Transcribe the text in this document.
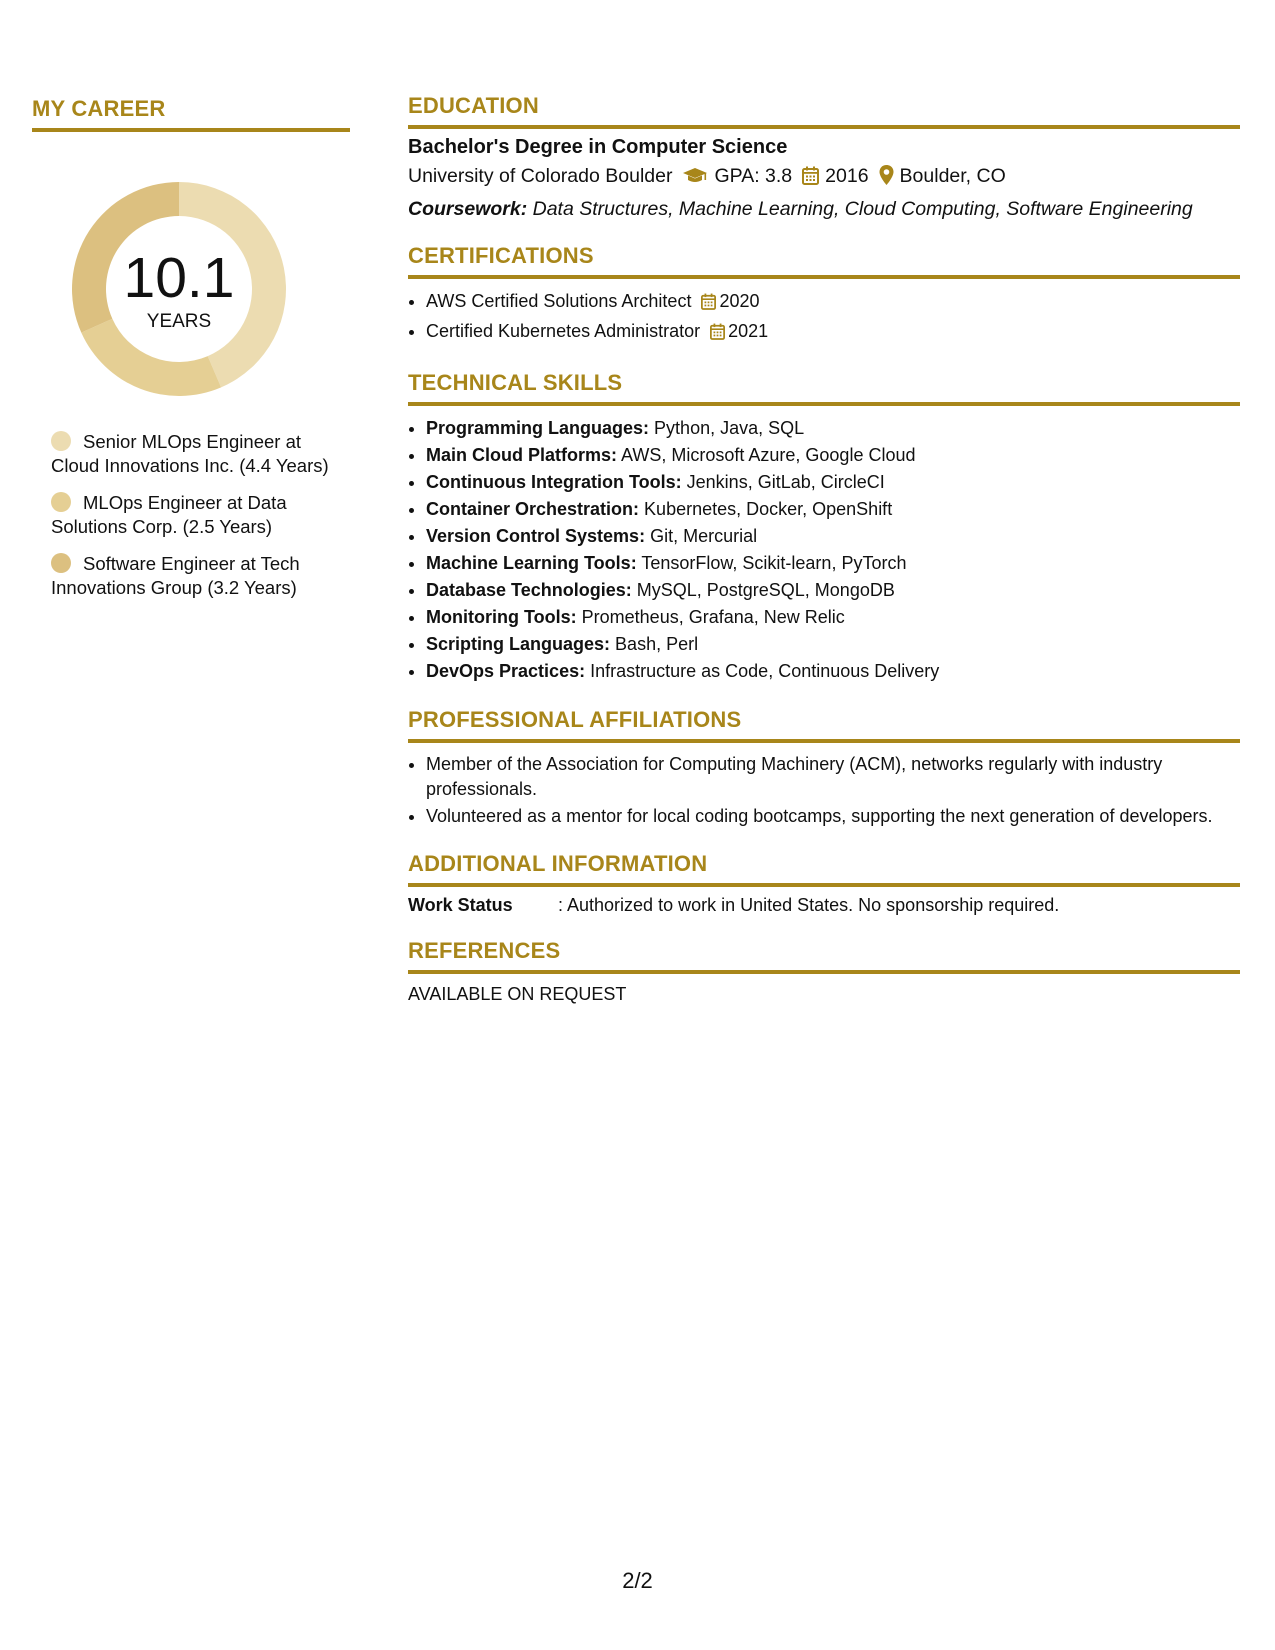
MY CAREER
10.1
YEARS
Senior MLOps Engineer at Cloud Innovations Inc. (4.4 Years)
MLOps Engineer at Data Solutions Corp. (2.5 Years)
Software Engineer at Tech Innovations Group (3.2 Years)
EDUCATION
Bachelor's Degree in Computer Science
University of Colorado Boulder GPA: 3.8 2016 Boulder, CO
Coursework: Data Structures, Machine Learning, Cloud Computing, Software Engineering
CERTIFICATIONS
• AWS Certified Solutions Architect 2020
• Certified Kubernetes Administrator 2021
TECHNICAL SKILLS
• Programming Languages: Python, Java, SQL
• Main Cloud Platforms: AWS, Microsoft Azure, Google Cloud
• Continuous Integration Tools: Jenkins, GitLab, CircleCI
• Container Orchestration: Kubernetes, Docker, OpenShift
• Version Control Systems: Git, Mercurial
• Machine Learning Tools: TensorFlow, Scikit-learn, PyTorch
• Database Technologies: MySQL, PostgreSQL, MongoDB
• Monitoring Tools: Prometheus, Grafana, New Relic
• Scripting Languages: Bash, Perl
• DevOps Practices: Infrastructure as Code, Continuous Delivery
PROFESSIONAL AFFILIATIONS
• Member of the Association for Computing Machinery (ACM), networks regularly with industry professionals.
• Volunteered as a mentor for local coding bootcamps, supporting the next generation of developers.
ADDITIONAL INFORMATION
Work Status	: Authorized to work in United States. No sponsorship required.
REFERENCES
AVAILABLE ON REQUEST
2/2
